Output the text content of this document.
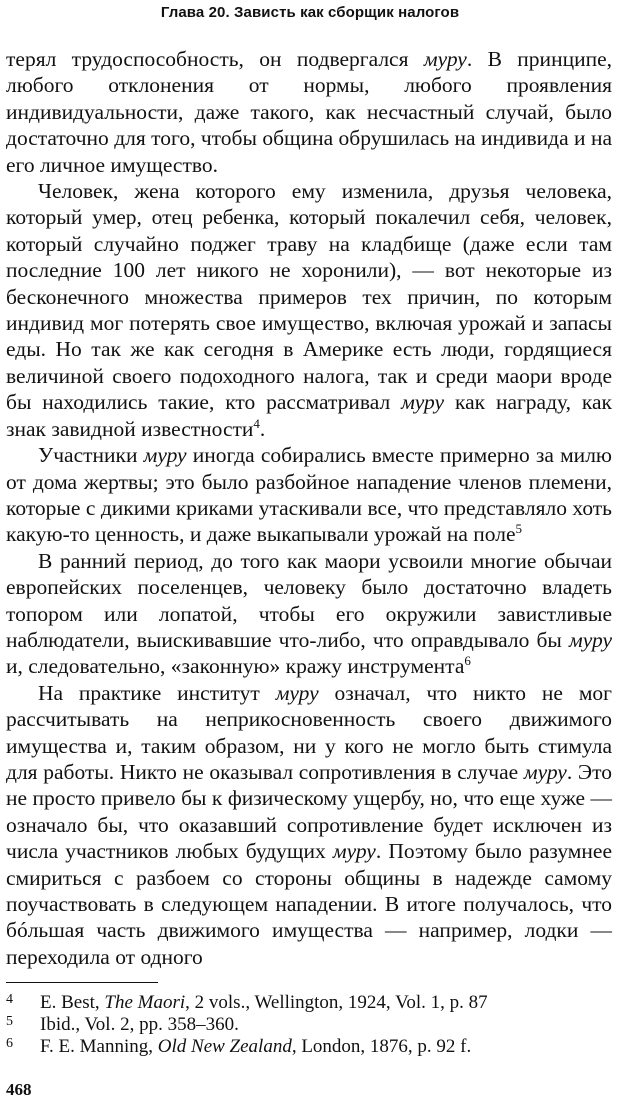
Глава 20. Зависть как сборщик налогов

терял трудоспособность, он подвергался муру. В принципе, любого отклонения от нормы, любого проявления индивидуальности, даже такого, как несчастный случай, было достаточно для того, чтобы община обрушилась на индивида и на его личное имущество.

Человек, жена которого ему изменила, друзья человека, который умер, отец ребенка, который покалечил себя, человек, который случайно поджег траву на кладбище (даже если там последние 100 лет никого не хоронили), — вот некоторые из бесконечного множества примеров тех причин, по которым индивид мог потерять свое имущество, включая урожай и запасы еды. Но так же как сегодня в Америке есть люди, гордящиеся величиной своего подоходного налога, так и среди маори вроде бы находились такие, кто рассматривал муру как награду, как знак завидной известности$^4$.

Участники муру иногда собирались вместе примерно за милю от дома жертвы; это было разбойное нападение членов племени, которые с дикими криками утаскивали все, что представляло хоть какую-то ценность, и даже выкапывали урожай на поле$^5$

В ранний период, до того как маори усвоили многие обычаи европейских поселенцев, человеку было достаточно владеть топором или лопатой, чтобы его окружили завистливые наблюдатели, выискивавшие что-либо, что оправдывало бы муру и, следовательно, «законную» кражу инструмента$^6$

На практике институт муру означал, что никто не мог рассчитывать на неприкосновенность своего движимого имущества и, таким образом, ни у кого не могло быть стимула для работы. Никто не оказывал сопротивления в случае муру. Это не просто привело бы к физическому ущербу, но, что еще хуже — означало бы, что оказавший сопротивление будет исключен из числа участников любых будущих муру. Поэтому было разумнее смириться с разбоем со стороны общины в надежде самому поучаствовать в следующем нападении. В итоге получалось, что бóльшая часть движимого имущества — например, лодки — переходила от одного

4	E. Best, The Maori, 2 vols., Wellington, 1924, Vol. 1, p. 87
5	Ibid., Vol. 2, pp. 358–360.
6	F. E. Manning, Old New Zealand, London, 1876, p. 92 f.
468
